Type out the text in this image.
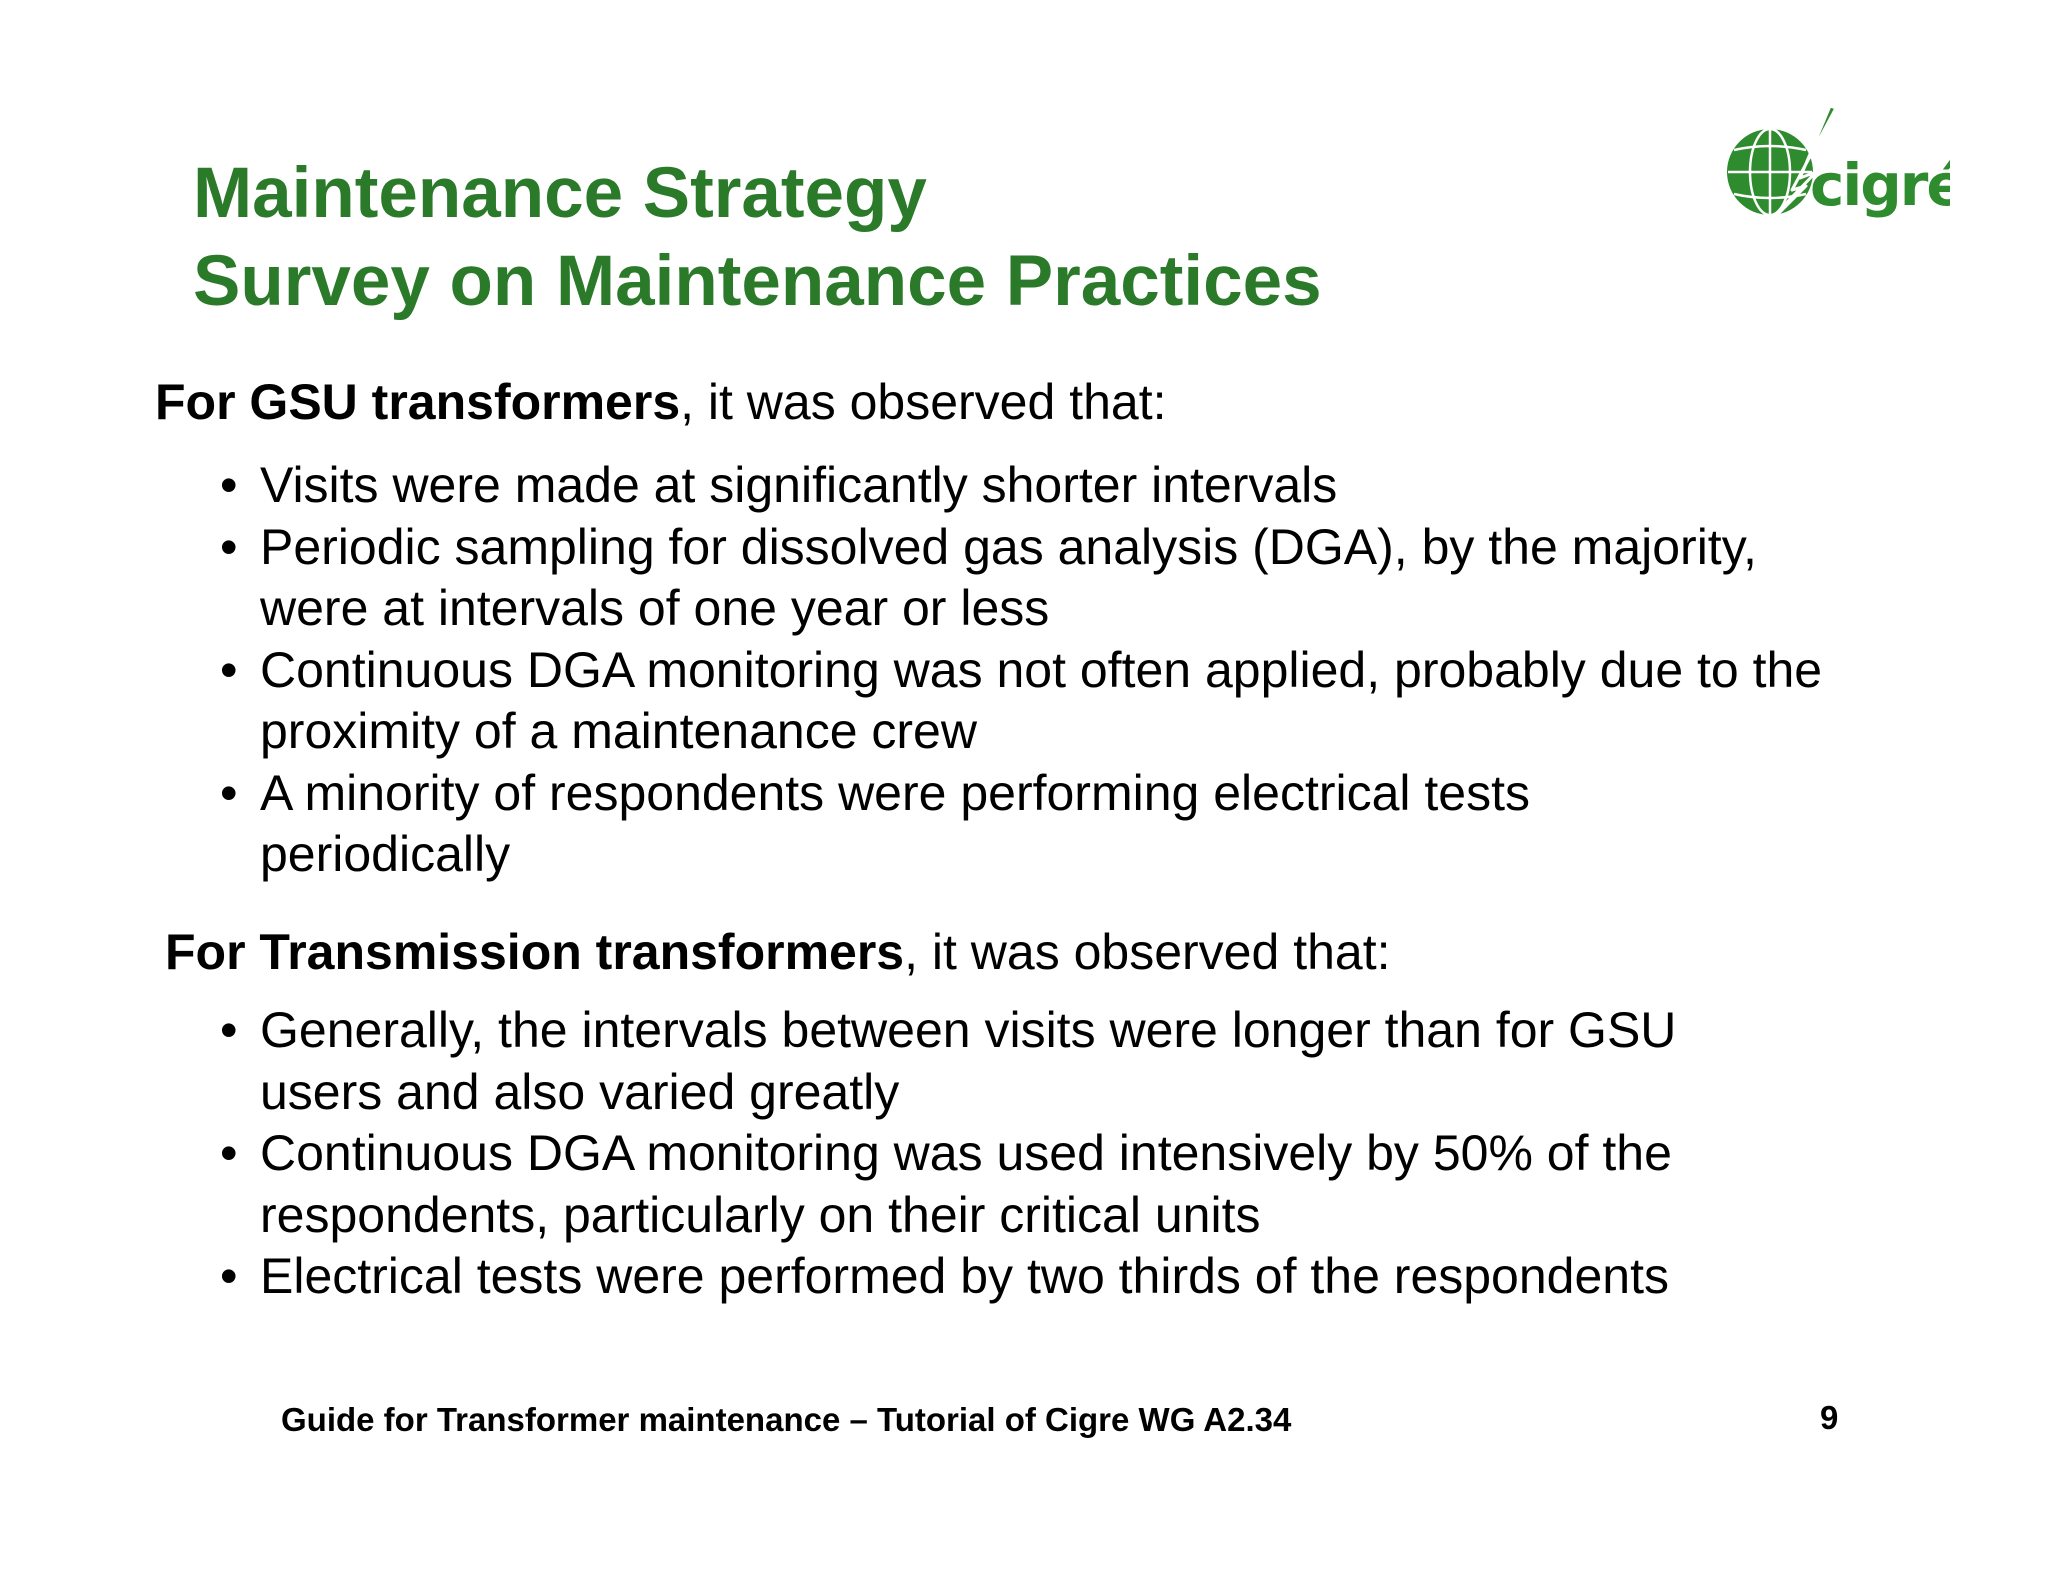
Maintenance Strategy
Survey on Maintenance Practices
cigré

For GSU transformers, it was observed that:

• Visits were made at significantly shorter intervals
• Periodic sampling for dissolved gas analysis (DGA), by the majority, were at intervals of one year or less
• Continuous DGA monitoring was not often applied, probably due to the proximity of a maintenance crew
• A minority of respondents were performing electrical tests periodically

For Transmission transformers, it was observed that:

• Generally, the intervals between visits were longer than for GSU users and also varied greatly
• Continuous DGA monitoring was used intensively by 50% of the respondents, particularly on their critical units
• Electrical tests were performed by two thirds of the respondents
Guide for Transformer maintenance – Tutorial of Cigre WG A2.34	9
